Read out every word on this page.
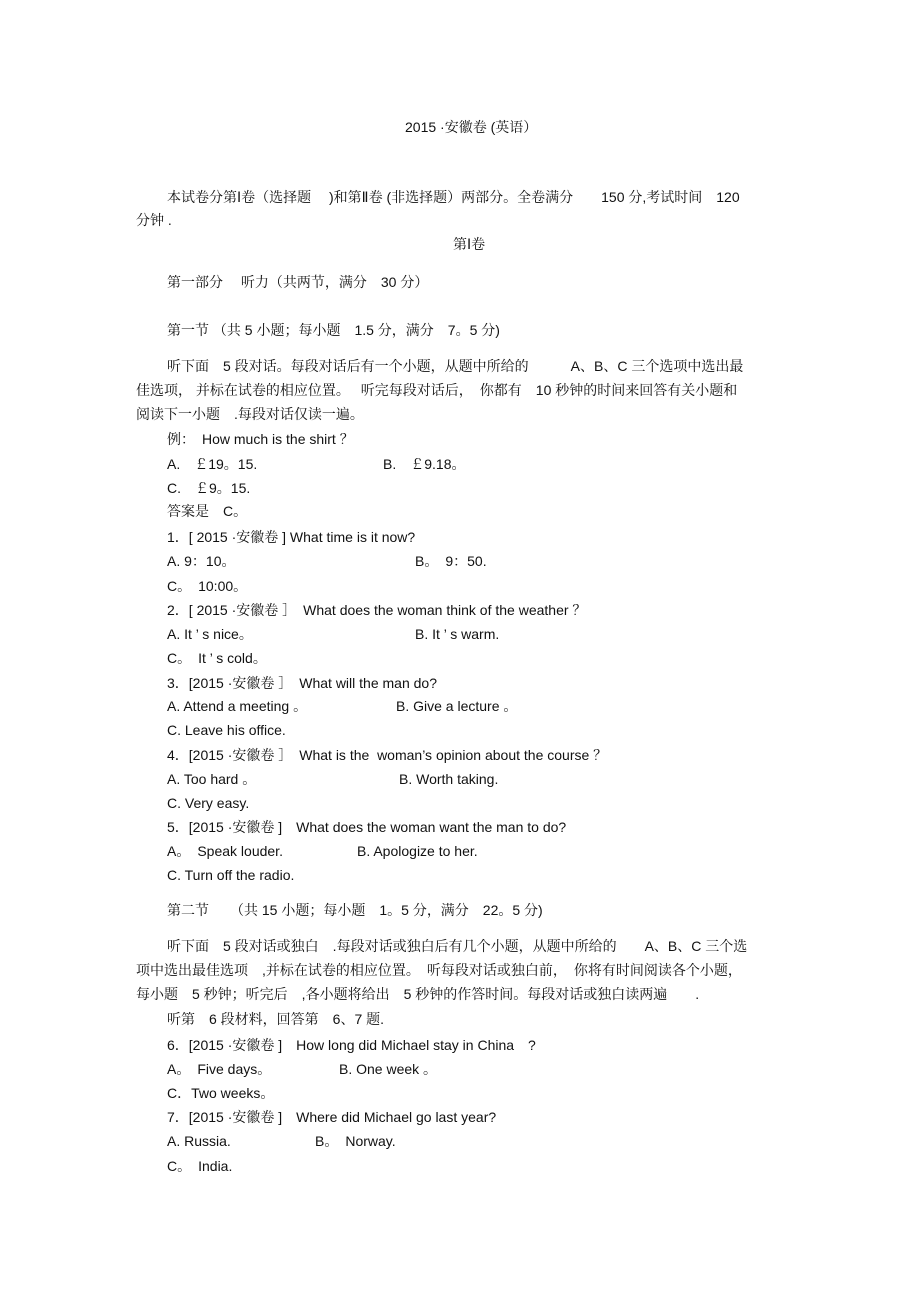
2015 ·安徽卷 (英语）
本试卷分第Ⅰ卷（选择题　 )和第Ⅱ卷 (非选择题）两部分。全卷满分　　150 分,考试时间　120
分钟 .
第Ⅰ卷
第一部分　 听力（共两节，满分　30 分）
第一节 （共 5 小题；每小题　1.5 分，满分　7。5 分)
听下面　5 段对话。每段对话后有一个小题，从题中所给的　　　A、B、C 三个选项中选出最
佳选项， 并标在试卷的相应位置。　 听完每段对话后，　你都有　10 秒钟的时间来回答有关小题和
阅读下一小题　.每段对话仅读一遍。
例：　How much is the shirt ？
A.　￡19。15.	B.　￡9.18。
C.　￡9。15.
答案是　C。
1．[ 2015 ·安徽卷 ] What time is it now?
A. 9：10。	B。　9：50.
C。　10:00。
2．[ 2015 ·安徽卷 ］　What does the woman think of the weather ？
A. It ’ s nice。	B. It ’ s warm.
C。　It ’ s cold。
3．[2015 ·安徽卷 ］　What will the man do?
A. Attend a meeting 。	B. Give a lecture 。
C. Leave his office.
4．[2015 ·安徽卷 ］　What is the  woman’s opinion about the course ？
A. Too hard 。	B. Worth taking.
C. Very easy.
5．[2015 ·安徽卷 ]　What does the woman want the man to do?
A。　Speak louder.	B. Apologize to her.
C. Turn off the radio.
第二节　　（共 15 小题；每小题　1。5 分，满分　22。5 分)
听下面　5 段对话或独白　.每段对话或独白后有几个小题，从题中所给的　　A、B、C 三个选
项中选出最佳选项　,并标在试卷的相应位置。　听每段对话或独白前，　你将有时间阅读各个小题，
每小题　5 秒钟；听完后　,各小题将给出　5 秒钟的作答时间。每段对话或独白读两遍　　.
听第　6 段材料，回答第　6、7 题.
6．[2015 ·安徽卷 ]　How long did Michael stay in China　?
A。　Five days。	B. One week 。
C．Two weeks。
7．[2015 ·安徽卷 ]　Where did Michael go last year?
A. Russia.	B。　Norway.
C。　India.
